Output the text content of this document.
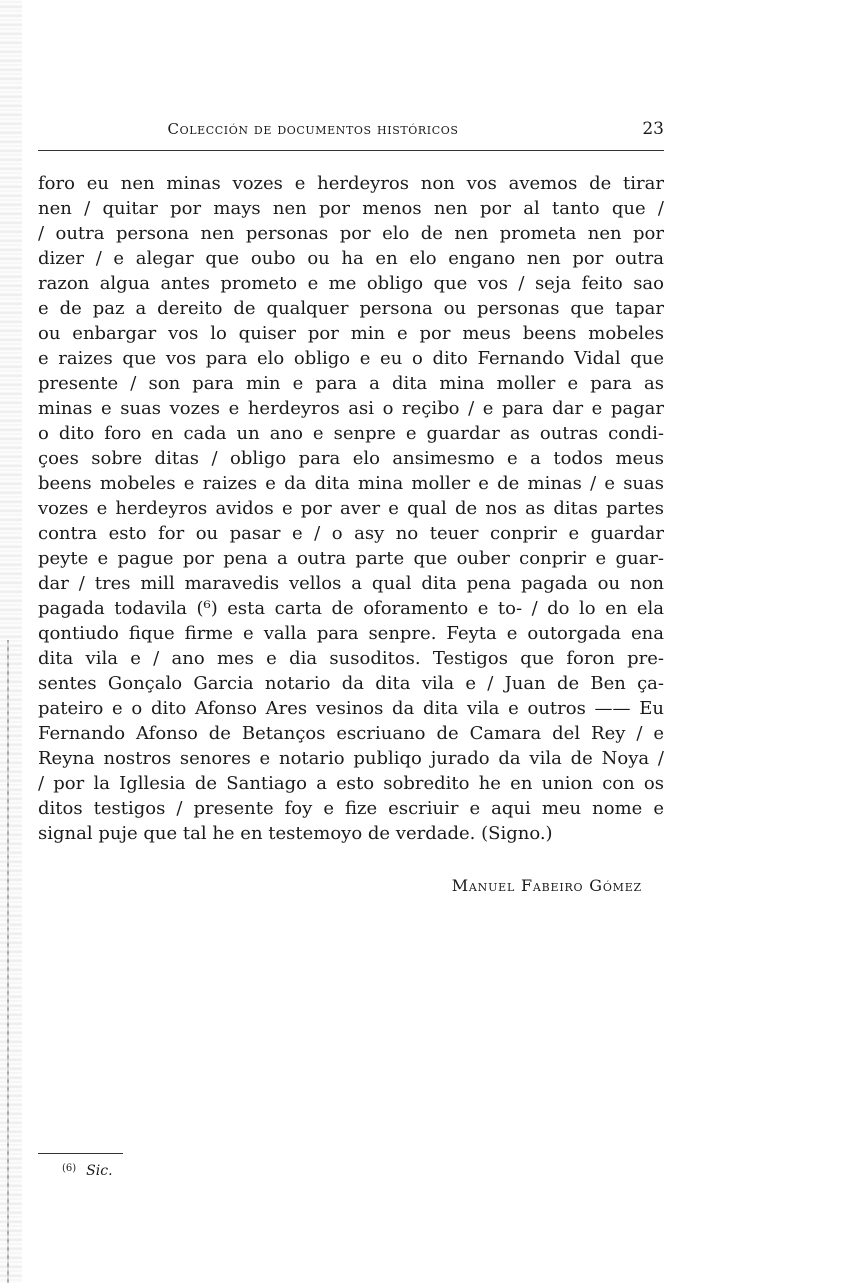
Colección de documentos históricos	23
foro eu nen minas vozes e herdeyros non vos avemos de tirar
nen / quitar por mays nen por menos nen por al tanto que /
/ outra persona nen personas por elo de nen prometa nen por
dizer / e alegar que oubo ou ha en elo engano nen por outra
razon algua antes prometo e me obligo que vos / seja feito sao
e de paz a dereito de qualquer persona ou personas que tapar
ou enbargar vos lo quiser por min e por meus beens mobeles
e raizes que vos para elo obligo e eu o dito Fernando Vidal que
presente / son para min e para a dita mina moller e para as
minas e suas vozes e herdeyros asi o reçibo / e para dar e pagar
o dito foro en cada un ano e senpre e guardar as outras condi-
çoes sobre ditas / obligo para elo ansimesmo e a todos meus
beens mobeles e raizes e da dita mina moller e de minas / e suas
vozes e herdeyros avidos e por aver e qual de nos as ditas partes
contra esto for ou pasar e / o asy no teuer conprir e guardar
peyte e pague por pena a outra parte que ouber conprir e guar-
dar / tres mill maravedis vellos a qual dita pena pagada ou non
pagada todavila (⁶) esta carta de oforamento e to- / do lo en ela
qontiudo fique firme e valla para senpre. Feyta e outorgada ena
dita vila e / ano mes e dia susoditos. Testigos que foron pre-
sentes Gonçalo Garcia notario da dita vila e / Juan de Ben ça-
pateiro e o dito Afonso Ares vesinos da dita vila e outros —— Eu
Fernando Afonso de Betanços escriuano de Camara del Rey / e
Reyna nostros senores e notario publiqo jurado da vila de Noya /
/ por la Igllesia de Santiago a esto sobredito he en union con os
ditos testigos / presente foy e fize escriuir e aqui meu nome e
signal puje que tal he en testemoyo de verdade. (Signo.)
Manuel Fabeiro Gómez
$^{(6)}$ Sic.
